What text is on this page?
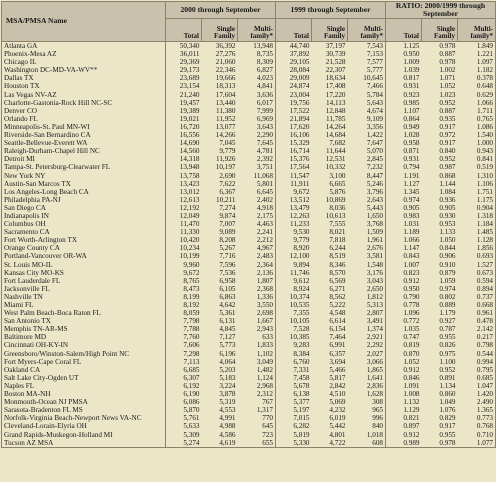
MSA/PMSA Name	2000 through September			1999 through September			RATIO: 2000/1999 through September		
	Total	Single Family	Multi-family*	Total	Single Family	Multi-family*	Total	Single Family	Multi-family*
Atlanta GA	50,340	36,392	13,948	44,740	37,197	7,543	1.125	0.978	1.849
Phoenix-Mesa AZ	36,011	27,276	8,735	37,892	30,739	7,153	0.950	0.887	1.221
Chicago IL	29,369	21,060	8,309	29,105	21,528	7,577	1.009	0.978	1.097
Washington DC-MD-VA-WV**	29,173	22,346	6,827	28,084	22,307	5,777	1.039	1.002	1.182
Dallas TX	23,689	19,666	4,023	29,009	18,634	10,645	0.817	1.071	0.378
Houston TX	23,154	18,313	4,841	24,874	17,408	7,466	0.931	1.052	0.648
Las Vegas NV-AZ	21,240	17,604	3,636	23,004	17,220	5,784	0.923	1.023	0.629
Charlotte-Gastonia-Rock Hill NC-SC	19,457	13,440	6,017	19,756	14,113	5,643	0.985	0.952	1.066
Denver CO	19,389	11,380	7,999	17,522	12,848	4,674	1.107	0.887	1.711
Orlando FL	19,021	11,952	6,969	21,894	11,785	9,109	0.864	0.935	0.765
Minneapolis-St. Paul MN-WI	16,720	13,077	3,643	17,620	14,264	3,356	0.949	0.917	1.086
Riverside-San Bernardino CA	16,556	14,266	2,290	16,106	14,684	1,422	1.028	0.972	1.540
Seattle-Bellevue-Everett WA	14,690	7,045	7,645	15,329	7,682	7,647	0.958	0.917	1.000
Raleigh-Durham-Chapel Hill NC	14,560	9,779	4,781	16,714	11,644	5,070	0.871	0.840	0.943
Detroit MI	14,318	11,926	2,392	15,376	12,531	2,845	0.931	0.952	0.841
Tampa-St. Petersburg-Clearwater FL	13,948	10,197	3,751	17,564	10,332	7,232	0.794	0.987	0.519
New York NY	13,758	2,690	11,068	11,547	3,100	8,447	1.191	0.868	1.310
Austin-San Marcos TX	13,423	7,622	5,801	11,911	6,665	5,246	1.127	1.144	1.106
Los Angeles-Long Beach CA	13,012	6,367	6,645	9,672	5,876	3,796	1.345	1.084	1.751
Philadelphia PA-NJ	12,613	10,211	2,402	13,512	10,869	2,643	0.974	0.936	1.175
San Diego CA	12,192	7,274	4,918	13,479	8,036	5,443	0.905	0.905	0.904
Indianapolis IN	12,049	9,874	2,175	12,263	10,613	1,650	0.983	0.930	1.318
Columbus OH	11,470	7,007	4,463	11,233	7,555	3,768	1.031	0.953	1.184
Sacramento CA	11,330	9,089	2,241	9,530	8,021	1,509	1.189	1.133	1.485
Fort Worth-Arlington TX	10,420	8,208	2,212	9,779	7,818	1,961	1.066	1.050	1.128
Orange County CA	10,234	5,267	4,967	8,920	6,244	2,676	1.147	0.844	1.856
Portland-Vancouver OR-WA	10,199	7,716	2,483	12,100	8,519	3,581	0.843	0.906	0.693
St. Louis MO-IL	9,960	7,596	2,364	9,894	8,346	1,548	1.007	0.910	1.527
Kansas City MO-KS	9,672	7,536	2,136	11,746	8,570	3,176	0.823	0.879	0.673
Fort Lauderdale FL	8,765	6,958	1,807	9,612	6,569	3,043	0.912	1.059	0.594
Jacksonville FL	8,473	6,105	2,368	8,924	6,271	2,650	0.950	0.974	0.894
Nashville TN	8,199	6,863	1,336	10,374	8,562	1,812	0.790	0.802	0.737
Miami FL	8,192	4,642	3,550	10,535	5,222	5,313	0.778	0.889	0.668
West Palm Beach-Boca Raton FL	8,059	5,361	2,698	7,355	4,548	2,807	1.096	1.179	0.961
San Antonio TX	7,798	6,131	1,667	10,105	6,614	3,491	0.772	0.927	0.478
Memphis TN-AR-MS	7,788	4,845	2,943	7,528	6,154	1,374	1.035	0.787	2.142
Baltimore MD	7,760	7,127	633	10,385	7,464	2,921	0.747	0.955	0.217
Cincinnati OH-KY-IN	7,606	5,773	1,833	9,283	6,991	2,292	0.819	0.826	0.798
Greensboro/Winston-Salem/High Point NC	7,298	6,196	1,102	8,384	6,357	2,027	0.870	0.975	0.544
Fort Myers-Cape Coral FL	7,113	4,064	3,049	6,760	3,694	3,066	1.052	1.100	0.994
Oakland CA	6,685	5,203	1,482	7,331	5,466	1,865	0.912	0.952	0.795
Salt Lake City-Ogden UT	6,307	5,183	1,124	7,458	5,817	1,641	0.846	0.891	0.685
Naples FL	6,192	3,224	2,968	5,678	2,842	2,836	1.091	1.134	1.047
Boston MA-NH	6,190	3,878	2,312	6,138	4,510	1,628	1.008	0.860	1.420
Monmouth-Ocean NJ PMSA	6,086	5,319	767	5,377	5,069	308	1.132	1.049	2.490
Sarasota-Bradenton FL MS	5,870	4,553	1,317	5,197	4,232	965	1.129	1.076	1.365
Norfolk-Virginia Beach-Newport News VA-NC	5,761	4,991	770	7,015	6,019	996	0.821	0.829	0.773
Cleveland-Lorain-Elyria OH	5,633	4,988	645	6,282	5,442	840	0.897	0.917	0.768
Grand Rapids-Muskegon-Holland MI	5,309	4,586	723	5,819	4,801	1,018	0.912	0.955	0.710
Tucson AZ MSA	5,274	4,619	655	5,330	4,722	608	0.989	0.978	1.077
